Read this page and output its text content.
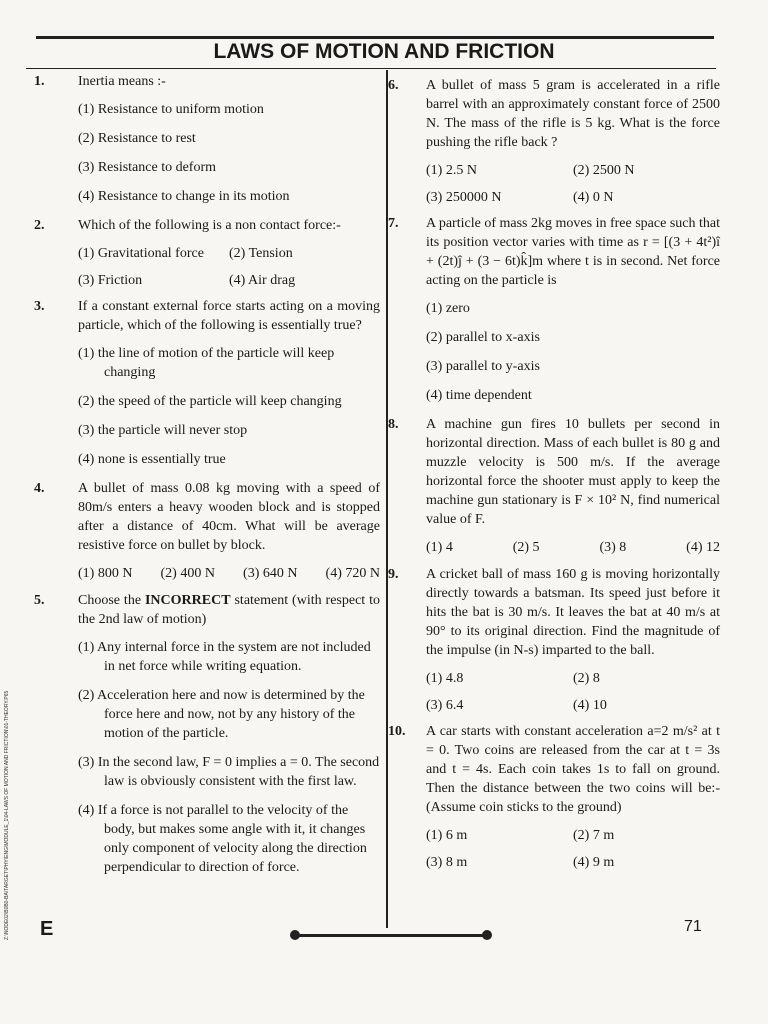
LAWS OF MOTION AND FRICTION
1. Inertia means :-
(1) Resistance to uniform motion
(2) Resistance to rest
(3) Resistance to deform
(4) Resistance to change in its motion
2. Which of the following is a non contact force:-
(1) Gravitational force	(2) Tension
(3) Friction	(4) Air drag
3. If a constant external force starts acting on a moving particle, which of the following is essentially true?
(1) the line of motion of the particle will keep changing
(2) the speed of the particle will keep changing
(3) the particle will never stop
(4) none is essentially true
4. A bullet of mass 0.08 kg moving with a speed of 80m/s enters a heavy wooden block and is stopped after a distance of 40cm. What will be average resistive force on bullet by block.
(1) 800 N (2) 400 N (3) 640 N (4) 720 N
5. Choose the INCORRECT statement (with respect to the 2nd law of motion)
(1) Any internal force in the system are not included in net force while writing equation.
(2) Acceleration here and now is determined by the force here and now, not by any history of the motion of the particle.
(3) In the second law, F = 0 implies a = 0. The second law is obviously consistent with the first law.
(4) If a force is not parallel to the velocity of the body, but makes some angle with it, it changes only component of velocity along the direction perpendicular to direction of force.
6. A bullet of mass 5 gram is accelerated in a rifle barrel with an approximately constant force of 2500 N. The mass of the rifle is 5 kg. What is the force pushing the rifle back ?
(1) 2.5 N	(2) 2500 N
(3) 250000 N	(4) 0 N
7. A particle of mass 2kg moves in free space such that its position vector varies with time as r = [(3 + 4t²)î + (2t)ĵ + (3 − 6t)k̂]m where t is in second. Net force acting on the particle is
(1) zero
(2) parallel to x-axis
(3) parallel to y-axis
(4) time dependent
8. A machine gun fires 10 bullets per second in horizontal direction. Mass of each bullet is 80 g and muzzle velocity is 500 m/s. If the average horizontal force the shooter must apply to keep the machine gun stationary is F × 10² N, find numerical value of F.
(1) 4	(2) 5	(3) 8	(4) 12
9. A cricket ball of mass 160 g is moving horizontally directly towards a batsman. Its speed just before it hits the bat is 30 m/s. It leaves the bat at 40 m/s at 90° to its original direction. Find the magnitude of the impulse (in N-s) imparted to the ball.
(1) 4.8	(2) 8
(3) 6.4	(4) 10
10. A car starts with constant acceleration a=2 m/s² at t = 0. Two coins are released from the car at t = 3s and t = 4s. Each coin takes 1s to fall on ground. Then the distance between the two coins will be:- (Assume coin sticks to the ground)
(1) 6 m	(2) 7 m
(3) 8 m	(4) 9 m
Z:\NODE02\B0B0-BA\TARGET\PHY\ENG\MODULE_1\04-LAWS OF MOTION AND FRICTION\01-THEORY.P65 E	71
